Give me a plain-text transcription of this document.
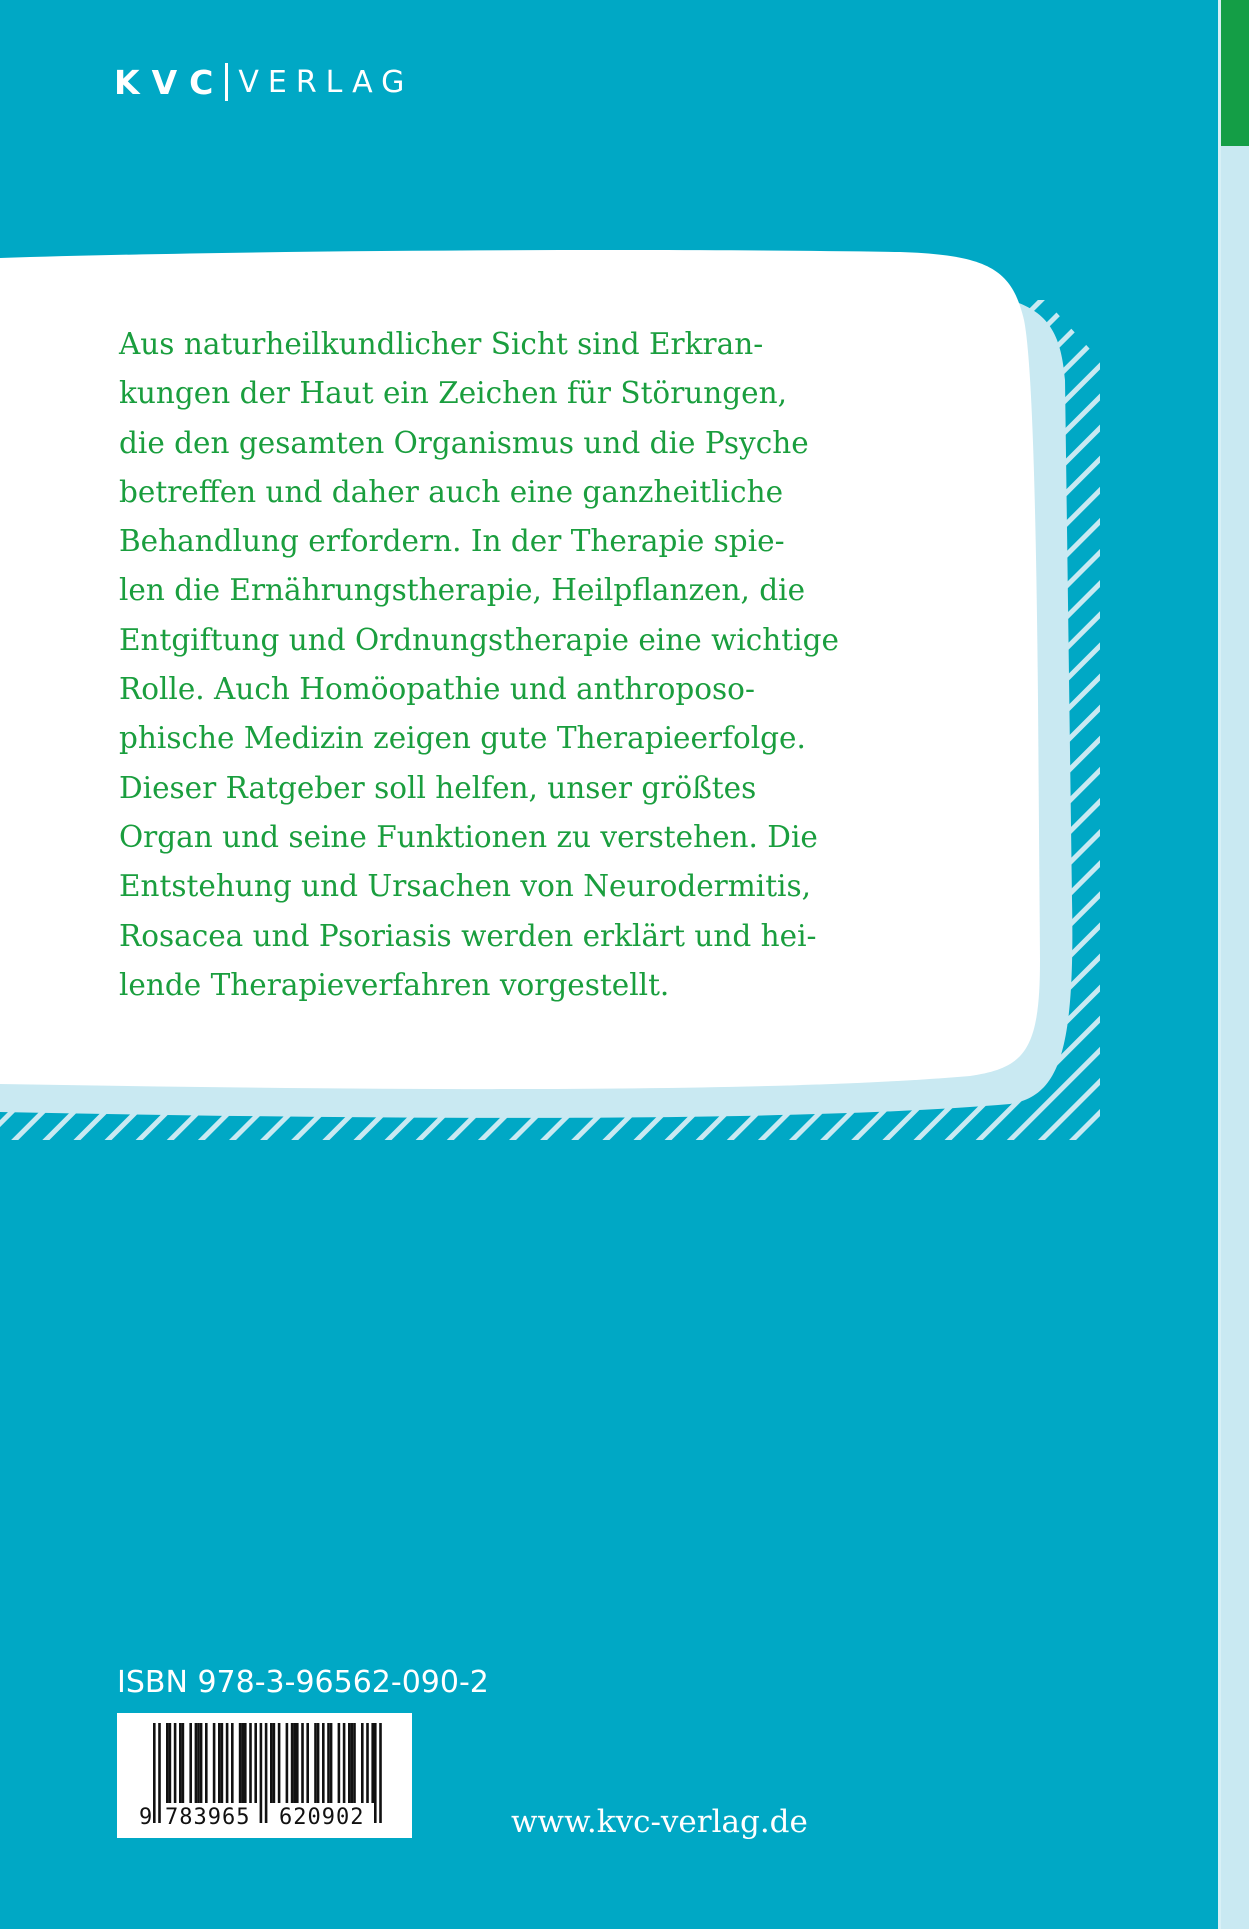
KVC VERLAG
Aus naturheilkundlicher Sicht sind Erkran-
kungen der Haut ein Zeichen für Störungen,
die den gesamten Organismus und die Psyche
betreffen und daher auch eine ganzheitliche
Behandlung erfordern. In der Therapie spie-
len die Ernährungstherapie, Heilpflanzen, die
Entgiftung und Ordnungstherapie eine wichtige
Rolle. Auch Homöopathie und anthroposo-
phische Medizin zeigen gute Therapieerfolge.
Dieser Ratgeber soll helfen, unser größtes
Organ und seine Funktionen zu verstehen. Die
Entstehung und Ursachen von Neurodermitis,
Rosacea und Psoriasis werden erklärt und hei-
lende Therapieverfahren vorgestellt.
ISBN 978-3-96562-090-2
9 783965 620902	www.kvc-verlag.de
